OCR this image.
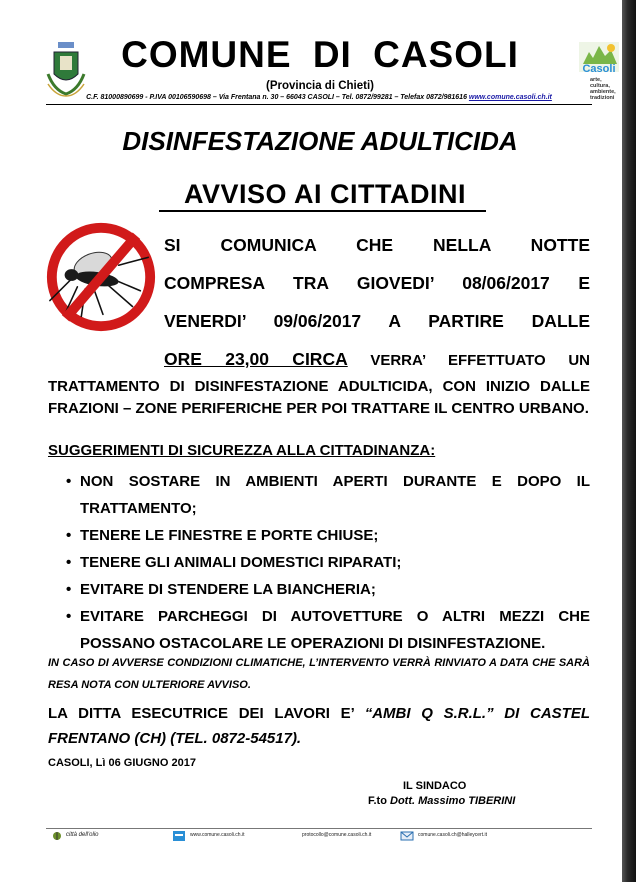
COMUNE DI CASOLI
(Provincia di Chieti)
C.F. 81000890699 - P.IVA 00106590698 – Via Frentana n. 30 – 66043 CASOLI – Tel. 0872/99281 – Telefax 0872/981616 www.comune.casoli.ch.it
Casoli
arte, cultura,
ambiente, tradizioni
DISINFESTAZIONE ADULTICIDA
AVVISO AI CITTADINI
SI COMUNICA CHE NELLA NOTTE
COMPRESA TRA GIOVEDI’ 08/06/2017 E
VENERDI’ 09/06/2017 A PARTIRE DALLE
ORE 23,00 CIRCA VERRA’ EFFETTUATO UN
TRATTAMENTO DI DISINFESTAZIONE ADULTICIDA, CON INIZIO DALLE FRAZIONI – ZONE PERIFERICHE PER POI TRATTARE IL CENTRO URBANO.
SUGGERIMENTI DI SICUREZZA ALLA CITTADINANZA:
• NON SOSTARE IN AMBIENTI APERTI DURANTE E DOPO IL TRATTAMENTO;
• TENERE LE FINESTRE E PORTE CHIUSE;
• TENERE GLI ANIMALI DOMESTICI RIPARATI;
• EVITARE DI STENDERE LA BIANCHERIA;
• EVITARE PARCHEGGI DI AUTOVETTURE O ALTRI MEZZI CHE POSSANO OSTACOLARE LE OPERAZIONI DI DISINFESTAZIONE.
IN CASO DI AVVERSE CONDIZIONI CLIMATICHE, L’INTERVENTO VERRÀ RINVIATO A DATA CHE SARÀ RESA NOTA CON ULTERIORE AVVISO.
LA DITTA ESECUTRICE DEI LAVORI E’ “AMBI Q S.R.L.” DI CASTEL FRENTANO (CH) (TEL. 0872-54517).
CASOLI, Lì 06 GIUGNO 2017
IL SINDACO
F.to Dott. Massimo TIBERINI
città dell'olio	www.comune.casoli.ch.it	protocollo@comune.casoli.ch.it	comune.casoli.ch@halleycert.it
